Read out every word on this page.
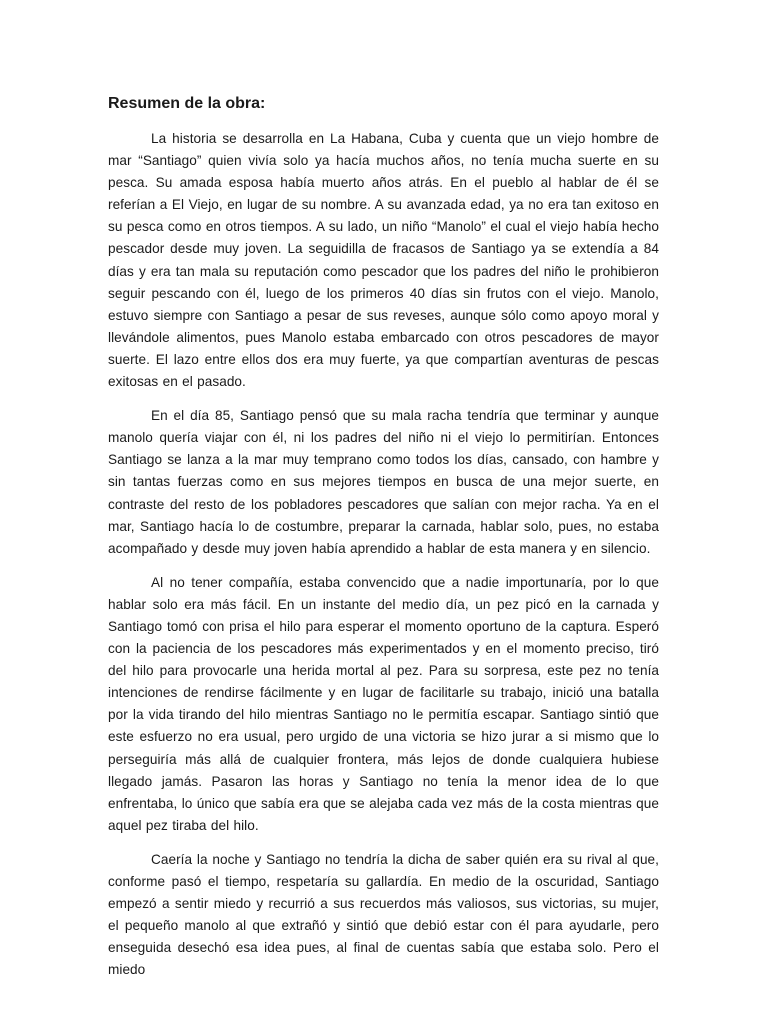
Resumen de la obra:

La historia se desarrolla en La Habana, Cuba y cuenta que un viejo hombre de mar “Santiago” quien vivía solo ya hacía muchos años, no tenía mucha suerte en su pesca. Su amada esposa había muerto años atrás. En el pueblo al hablar de él se referían a El Viejo, en lugar de su nombre. A su avanzada edad, ya no era tan exitoso en su pesca como en otros tiempos. A su lado, un niño “Manolo” el cual el viejo había hecho pescador desde muy joven. La seguidilla de fracasos de Santiago ya se extendía a 84 días y era tan mala su reputación como pescador que los padres del niño le prohibieron seguir pescando con él, luego de los primeros 40 días sin frutos con el viejo. Manolo, estuvo siempre con Santiago a pesar de sus reveses, aunque sólo como apoyo moral y llevándole alimentos, pues Manolo estaba embarcado con otros pescadores de mayor suerte. El lazo entre ellos dos era muy fuerte, ya que compartían aventuras de pescas exitosas en el pasado.

En el día 85, Santiago pensó que su mala racha tendría que terminar y aunque manolo quería viajar con él, ni los padres del niño ni el viejo lo permitirían. Entonces Santiago se lanza a la mar muy temprano como todos los días, cansado, con hambre y sin tantas fuerzas como en sus mejores tiempos en busca de una mejor suerte, en contraste del resto de los pobladores pescadores que salían con mejor racha. Ya en el mar, Santiago hacía lo de costumbre, preparar la carnada, hablar solo, pues, no estaba acompañado y desde muy joven había aprendido a hablar de esta manera y en silencio.

Al no tener compañía, estaba convencido que a nadie importunaría, por lo que hablar solo era más fácil. En un instante del medio día, un pez picó en la carnada y Santiago tomó con prisa el hilo para esperar el momento oportuno de la captura. Esperó con la paciencia de los pescadores más experimentados y en el momento preciso, tiró del hilo para provocarle una herida mortal al pez. Para su sorpresa, este pez no tenía intenciones de rendirse fácilmente y en lugar de facilitarle su trabajo, inició una batalla por la vida tirando del hilo mientras Santiago no le permitía escapar. Santiago sintió que este esfuerzo no era usual, pero urgido de una victoria se hizo jurar a si mismo que lo perseguiría más allá de cualquier frontera, más lejos de donde cualquiera hubiese llegado jamás. Pasaron las horas y Santiago no tenía la menor idea de lo que enfrentaba, lo único que sabía era que se alejaba cada vez más de la costa mientras que aquel pez tiraba del hilo.

Caería la noche y Santiago no tendría la dicha de saber quién era su rival al que, conforme pasó el tiempo, respetaría su gallardía. En medio de la oscuridad, Santiago empezó a sentir miedo y recurrió a sus recuerdos más valiosos, sus victorias, su mujer, el pequeño manolo al que extrañó y sintió que debió estar con él para ayudarle, pero enseguida desechó esa idea pues, al final de cuentas sabía que estaba solo. Pero el miedo
